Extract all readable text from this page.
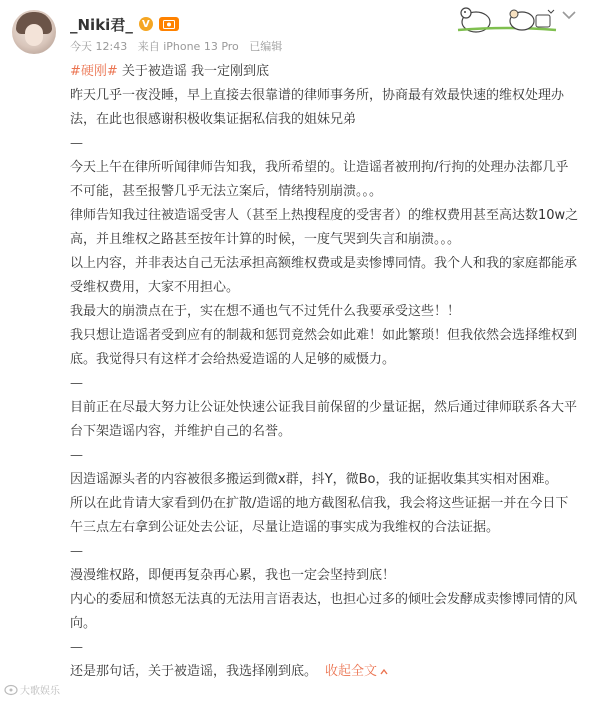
_Niki君_ V
今天 12:43 来自 iPhone 13 Pro 已编辑

#硬刚# 关于被造谣 我一定刚到底

昨天几乎一夜没睡，早上直接去很靠谱的律师事务所，协商最有效最快速的维权处理办法，在此也很感谢积极收集证据私信我的姐妹兄弟

—

今天上午在律所听闻律师告知我，我所希望的。让造谣者被刑拘/行拘的处理办法都几乎不可能，甚至报警几乎无法立案后，情绪特别崩溃。。。

律师告知我过往被造谣受害人（甚至上热搜程度的受害者）的维权费用甚至高达数10w之高，并且维权之路甚至按年计算的时候，一度气哭到失言和崩溃。。。

以上内容，并非表达自己无法承担高额维权费或是卖惨博同情。我个人和我的家庭都能承受维权费用，大家不用担心。

我最大的崩溃点在于，实在想不通也气不过凭什么我要承受这些！！

我只想让造谣者受到应有的制裁和惩罚竟然会如此难！如此繁琐！但我依然会选择维权到底。我觉得只有这样才会给热爱造谣的人足够的威慑力。

—

目前正在尽最大努力让公证处快速公证我目前保留的少量证据，然后通过律师联系各大平台下架造谣内容，并维护自己的名誉。

—

因造谣源头者的内容被很多搬运到微x群，抖Y，微Bo，我的证据收集其实相对困难。

所以在此肯请大家看到仍在扩散/造谣的地方截图私信我，我会将这些证据一并在今日下午三点左右拿到公证处去公证，尽量让造谣的事实成为我维权的合法证据。

—

漫漫维权路，即便再复杂再心累，我也一定会坚持到底！

内心的委屈和愤怒无法真的无法用言语表达，也担心过多的倾吐会发酵成卖惨博同情的风向。

—

还是那句话，关于被造谣，我选择刚到底。 收起全文

大歌娱乐
